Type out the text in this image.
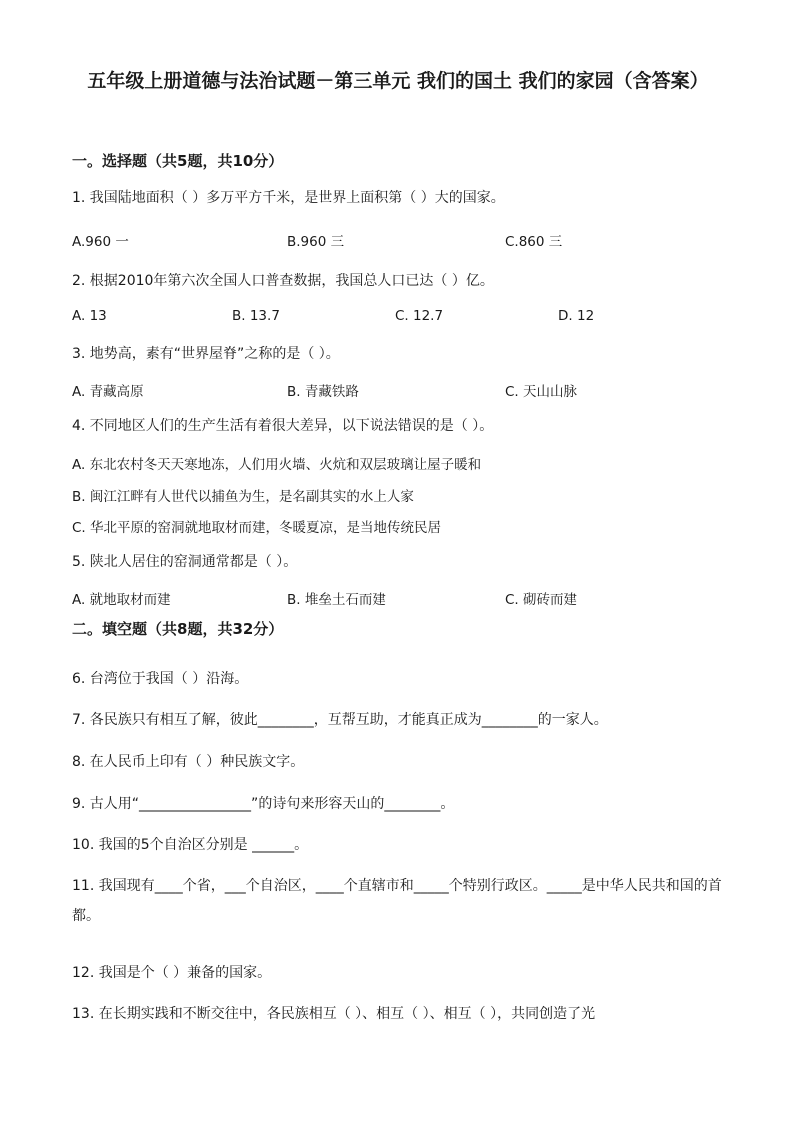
五年级上册道德与法治试题－第三单元 我们的国土 我们的家园（含答案）
一。选择题（共5题，共10分）
1. 我国陆地面积（ ）多万平方千米，是世界上面积第（ ）大的国家。
A.960 一	B.960 三	C.860 三
2. 根据2010年第六次全国人口普查数据，我国总人口已达（ ）亿。
A. 13	B. 13.7	C. 12.7	D. 12
3. 地势高，素有“世界屋脊”之称的是（ ）。
A. 青藏高原	B. 青藏铁路	C. 天山山脉
4. 不同地区人们的生产生活有着很大差异，以下说法错误的是（ ）。
A. 东北农村冬天天寒地冻，人们用火墙、火炕和双层玻璃让屋子暖和
B. 闽江江畔有人世代以捕鱼为生，是名副其实的水上人家
C. 华北平原的窑洞就地取材而建，冬暖夏凉，是当地传统民居
5. 陕北人居住的窑洞通常都是（ ）。
A. 就地取材而建	B. 堆垒土石而建	C. 砌砖而建
二。填空题（共8题，共32分）
6. 台湾位于我国（ ）沿海。
7. 各民族只有相互了解，彼此________，互帮互助，才能真正成为________的一家人。
8. 在人民币上印有（ ）种民族文字。
9. 古人用“________________”的诗句来形容天山的________。
10. 我国的5个自治区分别是 ______。
11. 我国现有____个省，___个自治区，____个直辖市和_____个特别行政区。_____是中华人民共和国的首都。
12. 我国是个（ ）兼备的国家。
13. 在长期实践和不断交往中，各民族相互（ ）、相互（ ）、相互（ ），共同创造了光
